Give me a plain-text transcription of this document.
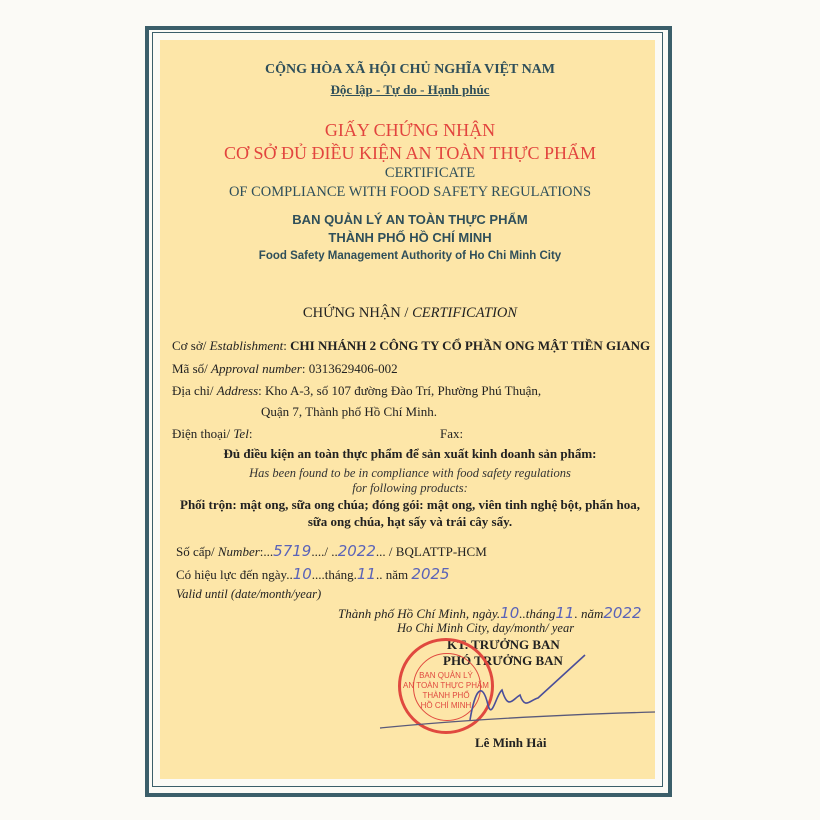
CỘNG HÒA XÃ HỘI CHỦ NGHĨA VIỆT NAM
Độc lập - Tự do - Hạnh phúc
GIẤY CHỨNG NHẬN
CƠ SỞ ĐỦ ĐIỀU KIỆN AN TOÀN THỰC PHẨM
CERTIFICATE
OF COMPLIANCE WITH FOOD SAFETY REGULATIONS
BAN QUẢN LÝ AN TOÀN THỰC PHẨM
THÀNH PHỐ HỒ CHÍ MINH
Food Safety Management Authority of Ho Chi Minh City
CHỨNG NHẬN / CERTIFICATION
Cơ sở/ Establishment: CHI NHÁNH 2 CÔNG TY CỔ PHẦN ONG MẬT TIỀN GIANG
Mã số/ Approval number: 0313629406-002
Địa chỉ/ Address: Kho A-3, số 107 đường Đào Trí, Phường Phú Thuận,
Quận 7, Thành phố Hồ Chí Minh.
Điện thoại/ Tel:	Fax:
Đủ điều kiện an toàn thực phẩm để sản xuất kinh doanh sản phẩm:
Has been found to be in compliance with food safety regulations
for following products:
Phối trộn: mật ong, sữa ong chúa; đóng gói: mật ong, viên tinh nghệ bột, phấn hoa,
sữa ong chúa, hạt sấy và trái cây sấy.
Số cấp/ Number:...5719..../ ..2022... / BQLATTP-HCM
Có hiệu lực đến ngày..10....tháng.11.. năm 2025
Valid until (date/month/year)
Thành phố Hồ Chí Minh, ngày.10..tháng11. năm2022
Ho Chi Minh City, day/month/ year
KT. TRƯỞNG BAN
PHÓ TRƯỞNG BAN
BAN QUẢN LÝ
AN TOÀN THỰC PHẨM
THÀNH PHỐ
HỒ CHÍ MINH
Lê Minh Hải
